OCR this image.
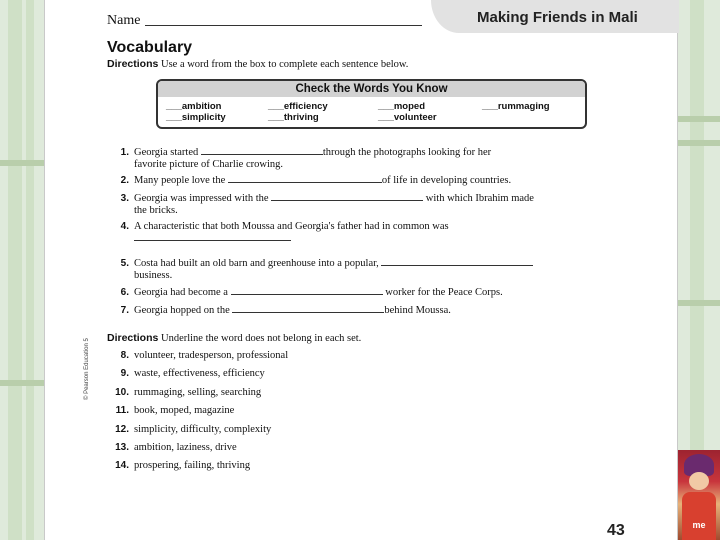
Name	Making Friends in Mali
Vocabulary
Directions Use a word from the box to complete each sentence below.
Check the Words You Know
___ambition	___efficiency	___moped	___rummaging
___simplicity	___thriving	___volunteer
1. Georgia started	through the photographs looking for her
favorite picture of Charlie crowing.
2. Many people love the	of life in developing countries.
3. Georgia was impressed with the	with which Ibrahim made
the bricks.
4. A characteristic that both Moussa and Georgia's father had in common was
5. Costa had built an old barn and greenhouse into a popular,
business.
6. Georgia had become a	worker for the Peace Corps.
7. Georgia hopped on the	behind Moussa.
Directions Underline the word does not belong in each set.
8. volunteer, tradesperson, professional
9. waste, effectiveness, efficiency
10. rummaging, selling, searching
11. book, moped, magazine
12. simplicity, difficulty, complexity
13. ambition, laziness, drive
14. prospering, failing, thriving
© Pearson Education 5
43	me
